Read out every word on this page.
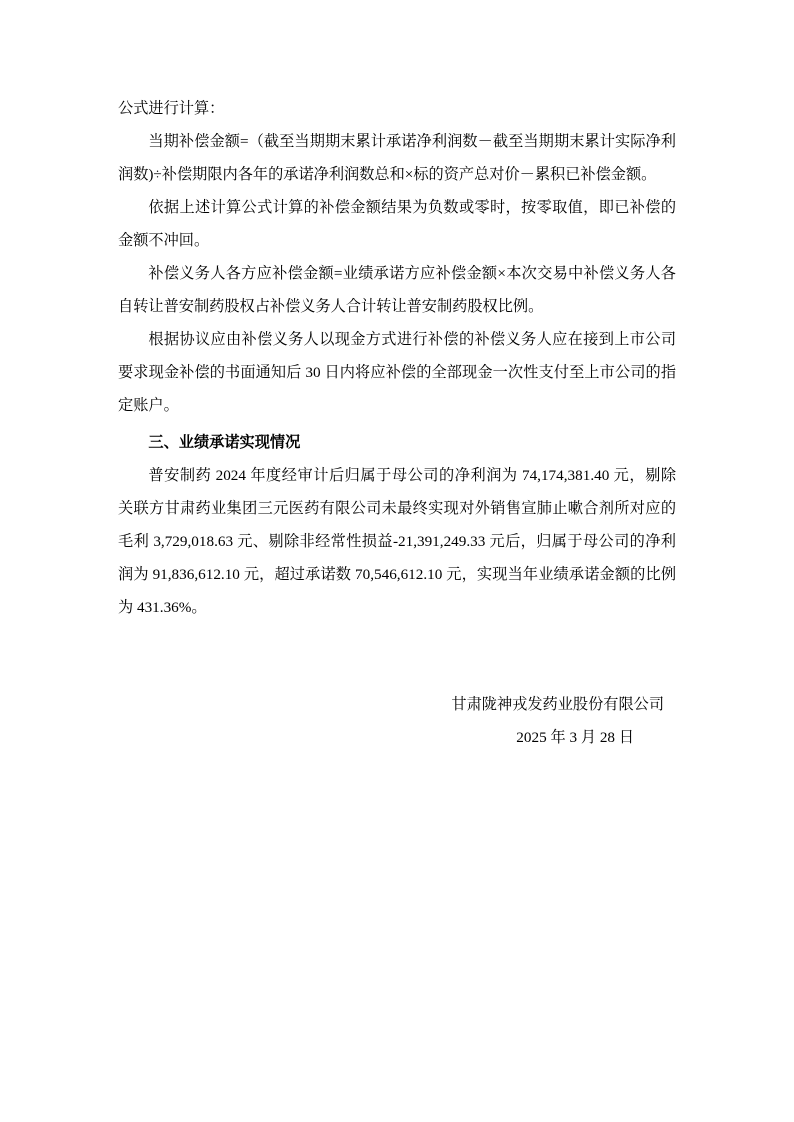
公式进行计算：

当期补偿金额=（截至当期期末累计承诺净利润数－截至当期期末累计实际净利润数)÷补偿期限内各年的承诺净利润数总和×标的资产总对价－累积已补偿金额。

依据上述计算公式计算的补偿金额结果为负数或零时，按零取值，即已补偿的金额不冲回。

补偿义务人各方应补偿金额=业绩承诺方应补偿金额×本次交易中补偿义务人各自转让普安制药股权占补偿义务人合计转让普安制药股权比例。

根据协议应由补偿义务人以现金方式进行补偿的补偿义务人应在接到上市公司要求现金补偿的书面通知后 30 日内将应补偿的全部现金一次性支付至上市公司的指定账户。

三、业绩承诺实现情况

普安制药 2024 年度经审计后归属于母公司的净利润为 74,174,381.40 元，剔除关联方甘肃药业集团三元医药有限公司未最终实现对外销售宣肺止嗽合剂所对应的毛利 3,729,018.63 元、剔除非经常性损益-21,391,249.33 元后，归属于母公司的净利润为 91,836,612.10 元，超过承诺数 70,546,612.10 元，实现当年业绩承诺金额的比例为 431.36%。

甘肃陇神戎发药业股份有限公司
2025 年 3 月 28 日
